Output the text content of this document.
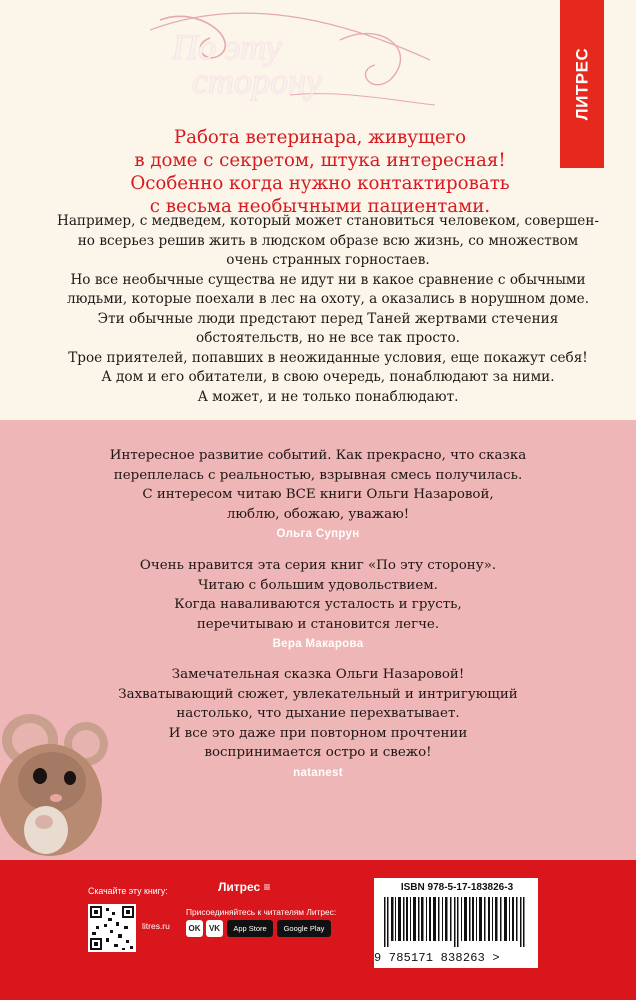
По эту
сторону	ЛИТРЕС
Работа ветеринара, живущего
в доме с секретом, штука интересная!
Особенно когда нужно контактировать
с весьма необычными пациентами.

Например, с медведем, который может становиться человеком, совершен-

но всерьез решив жить в людском образе всю жизнь, со множеством

очень странных горностаев.

Но все необычные существа не идут ни в какое сравнение с обычными

людьми, которые поехали в лес на охоту, а оказались в норушном доме.

Эти обычные люди предстают перед Таней жертвами стечения

обстоятельств, но не все так просто.

Трое приятелей, попавших в неожиданные условия, еще покажут себя!

А дом и его обитатели, в свою очередь, понаблюдают за ними.

А может, и не только понаблюдают.

Интересное развитие событий. Как прекрасно, что сказка
переплелась с реальностью, взрывная смесь получилась.
С интересом читаю ВСЕ книги Ольги Назаровой,
люблю, обожаю, уважаю!
Ольга Супрун
Очень нравится эта серия книг «По эту сторону».
Читаю с большим удовольствием.
Когда наваливаются усталость и грусть,
перечитываю и становится легче.
Вера Макарова
Замечательная сказка Ольги Назаровой!
Захватывающий сюжет, увлекательный и интригующий
настолько, что дыхание перехватывает.
И все это даже при повторном прочтении
воспринимается остро и свежо!
natanest
Скачайте эту книгу:
litres.ru
Литрес ≡
Присоединяйтесь к читателям Литрес:
OK	VK	App Store Google Play
ISBN 978-5-17-183826-3
9 785171 838263 >
